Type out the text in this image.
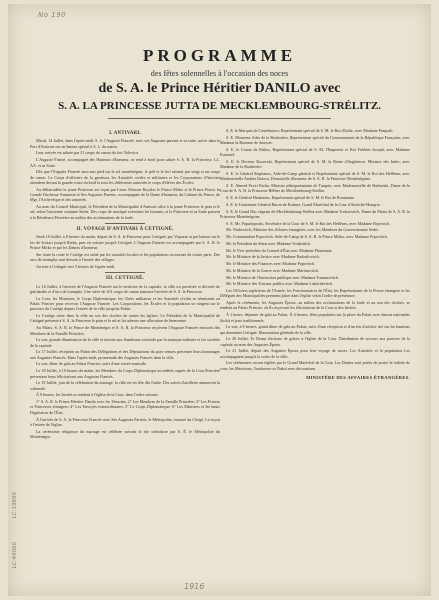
No 190
LC-19890
LC-49060
1916
PROGRAMME
des fêtes solennelles à l'occasion des noces
de S. A. le Prince Héritier DANILO avec
S. A. LA PRINCESSE JUTTA DE MECKLEMBOURG-STRÉLITZ.
I. ANTIVARI.

Mardi, 14 Juillet, dans l'après midi, S. A. l'Auguste Fiancée, avec ses Augustes parents et sa suite, arrive dans le Port d'Antivari sur un bateau spécial à S. L. du matin.

Leur arrivée est saluée par 21 coups de canon du fort Volovica.

L'Auguste Fiancé, accompagné des Hauteurs d'honneur, se rend à bord pour saluer S. A. R. la Princesse, LL. AA. et sa Suite.

Dès que l'Auguste Fiancée aura mis pied sur le sol monténégrin, le prêt et le fort saluent par vingt et un coups de canon. Le Corps d'officiers de la garnison, les Autorités civiles et militaires et les Corporations d'Antivari attendent devant la grande route du bord la tous les différentes autorités le corps d'élèves des Écoles.

Au débarcadère la jeune Princesse est reçue par Leurs Altesses Royales le Prince Mirko et le Prince Pierre, la Grande Duchesse Anastasie et Ses Augustes Parents, accompagnés de la Dame d'honneur, du Cabinet du Prince, de Mgr. l'Archevêque et des autorités.

Au nom du Conseil Municipal, le Président de la Municipalité d'Antivari offre à la jeune Princesse le pain et le sel, selon l'ancienne coutume Serbe. Des corps de musique exécutent les hymnes, et la Princesse et sa Suite passent à la Résidence Princière au milieu des acclamations de la foule.

II. VOYAGE D'ANTIVARI À CETTIGNÉ.

Jeudi 16 Juillet, à 8 heures du matin, départ de S. A. la Princesse pour Cettigné, par Virpazar et par bateau sur le lac de Scutari jusqu'à Rieka, puis en voiture jusqu'à Cettigné. L'Auguste Fiancée est accompagnée par S. A. R. le Prince Mirko et par les Dames d'honneur.

Sur toute la route le Cortège est salué par les autorités locales et les populations accourues de toutes parts. Des arcs de triomphe sont dressés à l'entrée des villages.

Arrivée à Cettigné vers 5 heures de l'après-midi.

III. CETTIGNÉ.

Le 16 Juillet, à l'arrivée de l'Auguste Fiancée sur le territoire de la capitale, la ville est pavoisée et décorée de guirlandes et d'arcs de triomphe. Une salve de 101 coups de canon annonce l'arrivée de S. A. la Princesse.

La Cour, les Ministres, le Corps Diplomatique, les Chefs militaires et les Autorités civiles se réunissent au Palais Princier pour recevoir l'Auguste Fiancée. Les Corporations, les Écoles et la population se rangent sur le parcours du Cortège depuis l'entrée de la ville jusqu'au Palais.

Le Cortège entre dans la ville au son des cloches de toutes les églises. Le Président de la Municipalité de Cettigné présente à S. A. la Princesse le pain et le sel et lui adresse une allocution de bienvenue.

Au Palais, S. A. R. le Prince de Monténégro et S. A. R. la Princesse reçoivent l'Auguste Fiancée entourés des Membres de la Famille Princière.

Le soir, grande illumination de la ville et retraite aux flambeaux exécutée par la musique militaire et les sociétés de la capitale.

Le 17 Juillet, réception au Palais des Délégations et des Députations du pays venues présenter leurs hommages aux Augustes Fiancés. Dans l'après-midi, promenade des Augustes Fiancés dans la ville.

Le soir, dîner de gala au Palais Princier, suivi d'une soirée musicale.

Le 18 Juillet, à 10 heures du matin, les Membres du Corps Diplomatique accrédités auprès de la Cour Princière présentent leurs félicitations aux Augustes Fiancés.

Le 19 Juillet, jour de la célébration du mariage, la ville est en fête dès l'aube. Des salves d'artillerie annoncent la solennité.

À 9 heures, les Invités se rendent à l'église de la Cour, dans l'ordre suivant:

1° S. A. R. le Prince Héritier Danilo avec les Témoins; 2° Les Membres de la Famille Princière; 3° Les Princes et Princesses étrangers; 4° Les Envoyés extraordinaires; 5° Le Corps Diplomatique; 6° Les Ministres et les hauts Dignitaires de l'État.

À l'arrivée de S. A. la Princesse Fiancée avec Ses Augustes Parents, le Métropolite, entouré du Clergé, La reçoit à l'entrée de l'église.

La cérémonie religieuse du mariage est célébrée suivant le rite orthodoxe par S. É. le Métropolite du Monténégro.

S. E. le Marquis de Castelnuovo, Représentant spécial de S. M. le Roi d'Italie, avec Madame Pasquali.

S. E. Monsieur Jules de la Boulinière, Représentant spécial du Gouvernement de la République Française, avec Madame la Baronne de Sauvrat.

S. E. le Comte de Bülow, Représentant spécial de S. M. l'Empereur et Roi Frédéric-Joseph, avec Madame Kaissnel.

S. E. le Docteur Kosovski, Représentant spécial de S. M. la Reine d'Angleterre, Ministre des Indes, avec Madame de la Boulinière.

S. E. le Général Stephanos, Aide-de-Camp général et Représentant spécial de S. M. le Roi des Hellènes, avec Mademoiselle Andréa Daïova, Demoiselle d'honneur de S. A. R. la Princesse Monténégrine.

S. E. Ahmed Fevzi Pacha, Ministre plénipotentiaire de Turquie, avec Mademoiselle de Harbutski, Dame de la Cour de S. A. R. la Princesse Hélène de Mecklembourg-Strélitz.

S. E. le Général Hankstein, Représentant spécial de S. M. le Roi de Roumanie.

S. E. le Lieutenant-Général Baron de Kulmer, Grand Maréchal de la Cour d'Autriche-Hongrie.

S. E. le Grand Duc régnant de Mecklembourg-Strélitz avec Madame Todorovitch, Dame du Palais de S. A. R. la Princesse Monténégrine.

S. E. Mr. Papadopoulo, Secrétaire de la Cour de S. M. le Roi des Hellènes, avec Madame Bojovitch.

Mr. Ninkovitch, Ministre des Affaires étrangères, avec les Membres du Gouvernement Serbe.

Mr. Commandant Popovitch, Aide-de-Camp de S. A. R. le Prince Mirko, avec Madame Popovitch.

Mr. le Président du Sénat avec Madame Voukotitch.

Mr. le Vice-président du Conseil d'État avec Madame Plamenatz.

Mr. le Ministre de la Justice avec Madame Radoulovitch.

Mr. le Ministre des Finances avec Madame Popovitch.

Mr. le Ministre de la Guerre avec Madame Martinovitch.

Mr. le Ministre de l'Instruction publique avec Madame Tomanovitch.

Mr. le Ministre des Travaux publics avec Madame Lakitchévitch.

Les Officiers supérieurs de l'Armée, les Fonctionnaires de l'État, les Représentants de la Presse étrangère et les Délégués des Municipalités prennent place dans l'église selon l'ordre de préséance.

Après la cérémonie, les Augustes Époux, au milieu des acclamations de la foule et au son des cloches, se rendent au Palais Princier, où Ils reçoivent les félicitations de la Cour et des Invités.

À 1 heure, déjeuner de gala au Palais. À 4 heures, fêtes populaires sur la place du Palais avec danses nationales (kolo) et jeux traditionnels.

Le soir, à 8 heures, grand dîner de gala au Palais, suivi d'une réception et d'un feu d'artifice tiré sur les hauteurs qui dominent Cettigné. Illumination générale de la ville.

Le 20 Juillet, Te Deum d'actions de grâces à l'église de la Cour. Distribution de secours aux pauvres de la capitale au nom des Augustes Époux.

Le 21 Juillet, départ des Augustes Époux pour leur voyage de noces. Les Autorités et la population Les accompagnent jusqu'à la sortie de la ville.

Les cérémonies seront réglées par le Grand Maréchal de la Cour. Les Dames sont priées de porter la toilette de cour; les Messieurs, l'uniforme ou l'habit avec décorations.

MINISTÈRE DES AFFAIRES ÉTRANGÈRES.
